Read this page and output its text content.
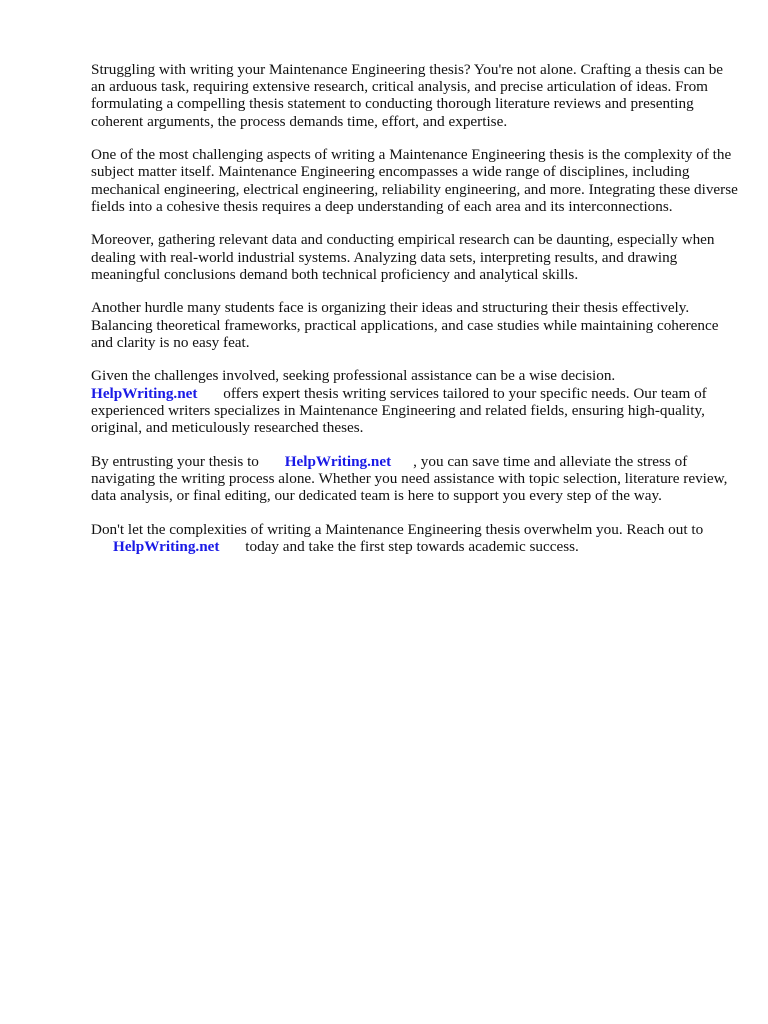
Struggling with writing your Maintenance Engineering thesis? You're not alone. Crafting a thesis can be an arduous task, requiring extensive research, critical analysis, and precise articulation of ideas. From formulating a compelling thesis statement to conducting thorough literature reviews and presenting coherent arguments, the process demands time, effort, and expertise.

One of the most challenging aspects of writing a Maintenance Engineering thesis is the complexity of the subject matter itself. Maintenance Engineering encompasses a wide range of disciplines, including mechanical engineering, electrical engineering, reliability engineering, and more. Integrating these diverse fields into a cohesive thesis requires a deep understanding of each area and its interconnections.

Moreover, gathering relevant data and conducting empirical research can be daunting, especially when dealing with real-world industrial systems. Analyzing data sets, interpreting results, and drawing meaningful conclusions demand both technical proficiency and analytical skills.

Another hurdle many students face is organizing their ideas and structuring their thesis effectively. Balancing theoretical frameworks, practical applications, and case studies while maintaining coherence and clarity is no easy feat.

Given the challenges involved, seeking professional assistance can be a wise decision.
HelpWriting.net offers expert thesis writing services tailored to your specific needs. Our team of experienced writers specializes in Maintenance Engineering and related fields, ensuring high-quality, original, and meticulously researched theses.

By entrusting your thesis to HelpWriting.net , you can save time and alleviate the stress of navigating the writing process alone. Whether you need assistance with topic selection, literature review, data analysis, or final editing, our dedicated team is here to support you every step of the way.

Don't let the complexities of writing a Maintenance Engineering thesis overwhelm you. Reach out to
HelpWriting.net today and take the first step towards academic success.
